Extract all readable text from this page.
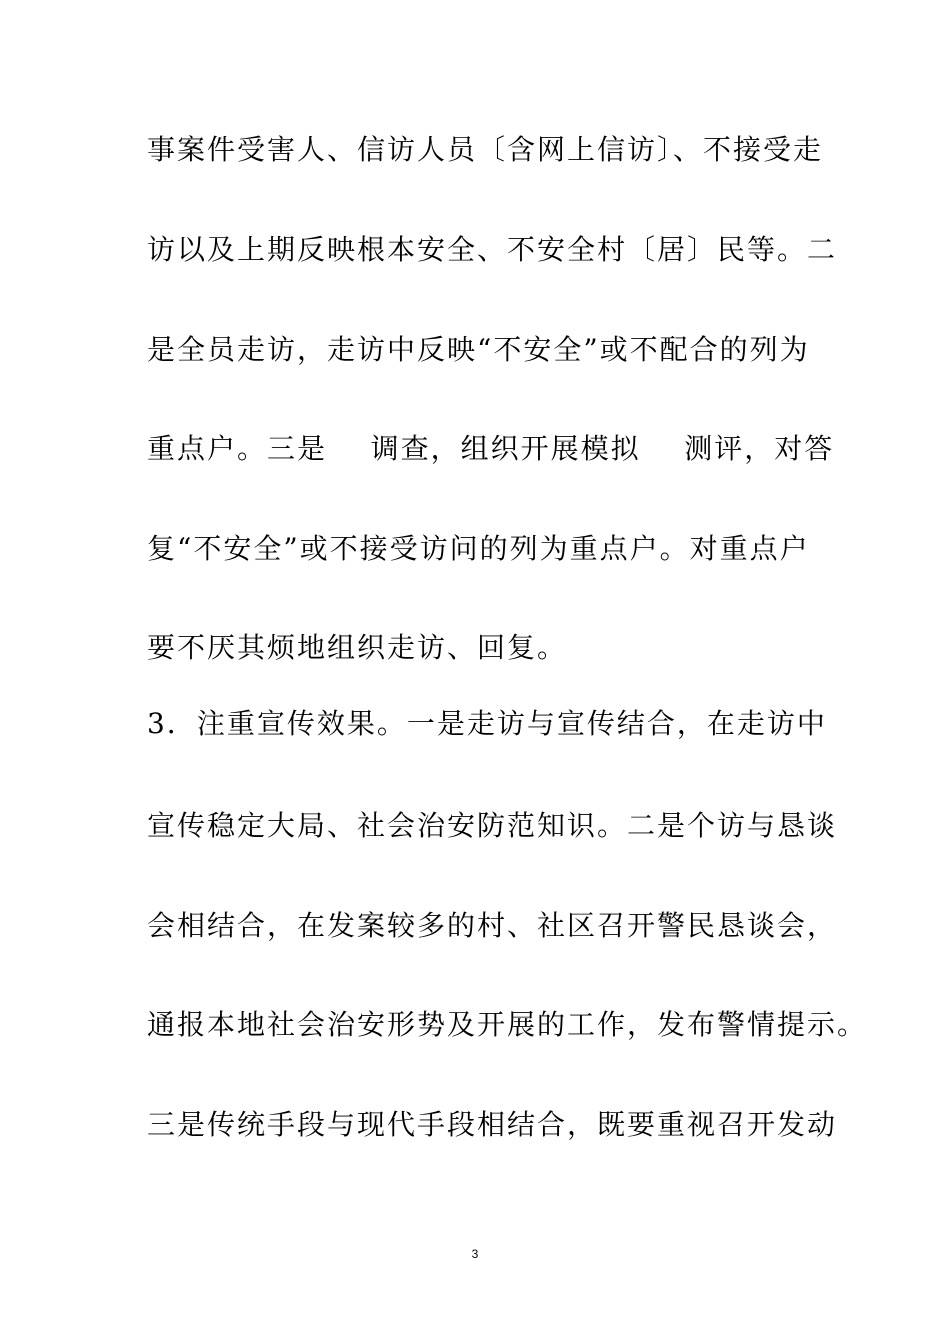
事案件受害人、信访人员〔含网上信访〕、不接受走
访以及上期反映根本安全、不安全村〔居〕民等。二
是全员走访，走访中反映“不安全”或不配合的列为
重点户。三是    调查，组织开展模拟    测评，对答
复“不安全”或不接受访问的列为重点户。对重点户
要不厌其烦地组织走访、回复。
3．注重宣传效果。一是走访与宣传结合，在走访中
宣传稳定大局、社会治安防范知识。二是个访与恳谈
会相结合，在发案较多的村、社区召开警民恳谈会，
通报本地社会治安形势及开展的工作，发布警情提示。
三是传统手段与现代手段相结合，既要重视召开发动
3
